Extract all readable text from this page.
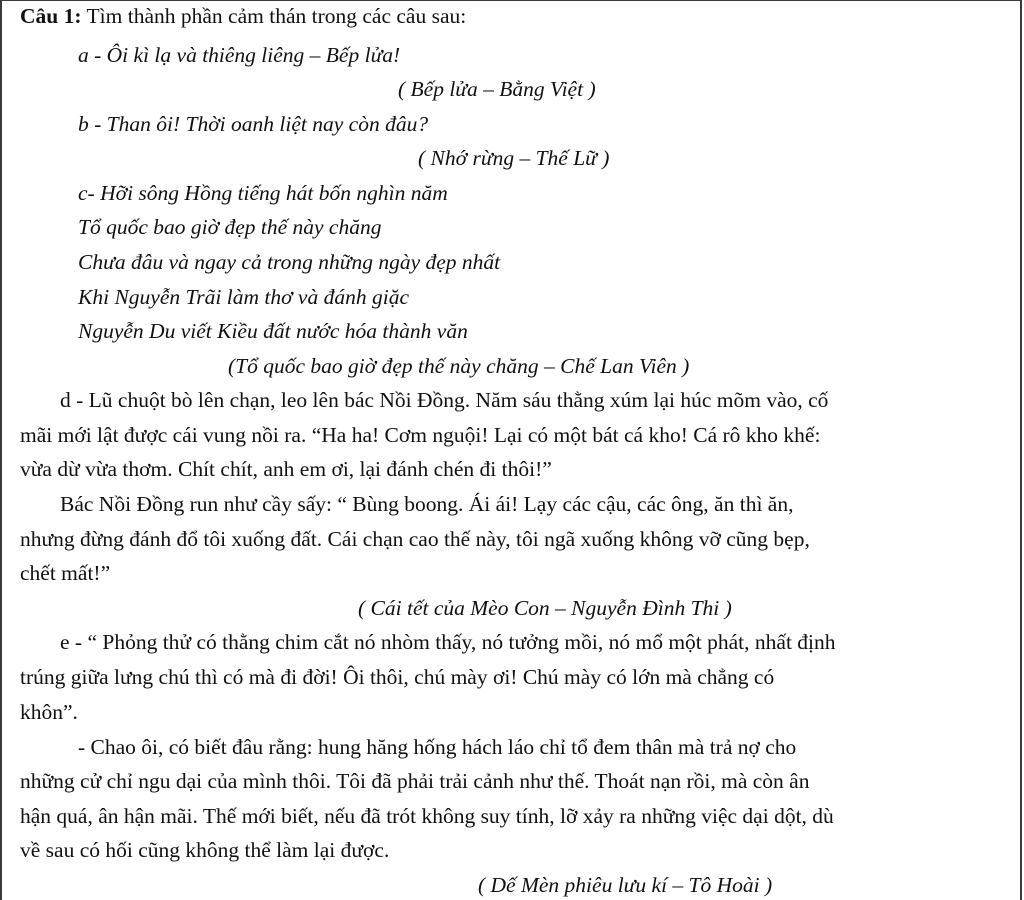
Câu 1: Tìm thành phần cảm thán trong các câu sau:
a - Ôi kì lạ và thiêng liêng – Bếp lửa!
( Bếp lửa – Bằng Việt )
b - Than ôi! Thời oanh liệt nay còn đâu?
( Nhớ rừng – Thế Lữ )
c- Hỡi sông Hồng tiếng hát bốn nghìn năm
Tổ quốc bao giờ đẹp thế này chăng
Chưa đâu và ngay cả trong những ngày đẹp nhất
Khi Nguyễn Trãi làm thơ và đánh giặc
Nguyễn Du viết Kiều đất nước hóa thành văn
(Tổ quốc bao giờ đẹp thế này chăng – Chế Lan Viên )
d - Lũ chuột bò lên chạn, leo lên bác Nồi Đồng. Năm sáu thằng xúm lại húc mõm vào, cố
mãi mới lật được cái vung nồi ra. “Ha ha! Cơm nguội! Lại có một bát cá kho! Cá rô kho khế:
vừa dừ vừa thơm. Chít chít, anh em ơi, lại đánh chén đi thôi!”
Bác Nồi Đồng run như cầy sấy: “ Bùng boong. Ái ái! Lạy các cậu, các ông, ăn thì ăn,
nhưng đừng đánh đổ tôi xuống đất. Cái chạn cao thế này, tôi ngã xuống không vỡ cũng bẹp,
chết mất!”
( Cái tết của Mèo Con – Nguyễn Đình Thi )
e - “ Phỏng thử có thằng chim cắt nó nhòm thấy, nó tưởng mồi, nó mổ một phát, nhất định
trúng giữa lưng chú thì có mà đi đời! Ôi thôi, chú mày ơi! Chú mày có lớn mà chẳng có
khôn”.
- Chao ôi, có biết đâu rằng: hung hăng hống hách láo chỉ tổ đem thân mà trả nợ cho
những cử chỉ ngu dại của mình thôi. Tôi đã phải trải cảnh như thế. Thoát nạn rồi, mà còn ân
hận quá, ân hận mãi. Thế mới biết, nếu đã trót không suy tính, lỡ xảy ra những việc dại dột, dù
về sau có hối cũng không thể làm lại được.
( Dế Mèn phiêu lưu kí – Tô Hoài )
